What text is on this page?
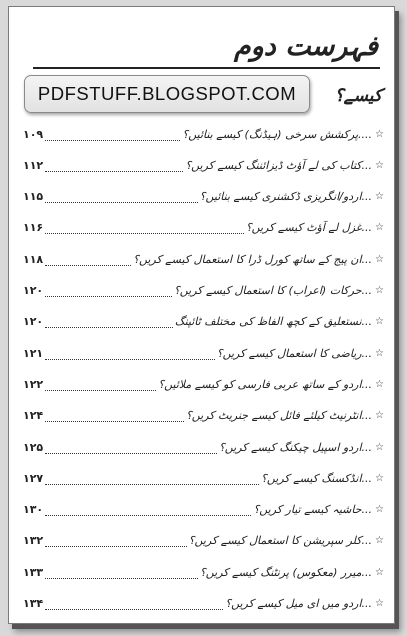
فہرست دوم
PDFSTUFF.BLOGSPOT.COM	کیسے؟
☆
....پرکشش سرخی (ہیڈنگ) کیسے بنائیں؟
۱۰۹
☆
...کتاب کی لے آؤٹ ڈیزائننگ کیسے کریں؟
۱۱۲
☆
...اردو/انگریزی ڈکشنری کیسے بنائیں؟
۱۱۵
☆
...غزل لے آؤٹ کیسے کریں؟
۱۱۶
☆
...ان پیج کے ساتھ کورل ڈرا کا استعمال کیسے کریں؟
۱۱۸
☆
...حرکات (اعراب) کا استعمال کیسے کریں؟
۱۲۰
☆
...نستعلیق کے کچھ الفاظ کی مختلف ٹائپنگ
۱۲۰
☆
...ریاضی کا استعمال کیسے کریں؟
۱۲۱
☆
...اردو کے ساتھ عربی فارسی کو کیسے ملائیں؟
۱۲۲
☆
...انٹرنیٹ کیلئے فائل کیسے جنریٹ کریں؟
۱۲۴
☆
...اردو اسپیل چیکنگ کیسے کریں؟
۱۲۵
☆
...انڈکسنگ کیسے کریں؟
۱۲۷
☆
...حاشیہ کیسے تیار کریں؟
۱۳۰
☆
...کلر سپریشن کا استعمال کیسے کریں؟
۱۳۲
☆
...میرر (معکوس) پرنٹنگ کیسے کریں؟
۱۳۳
☆
...اردو میں ای میل کیسے کریں؟
۱۳۴
